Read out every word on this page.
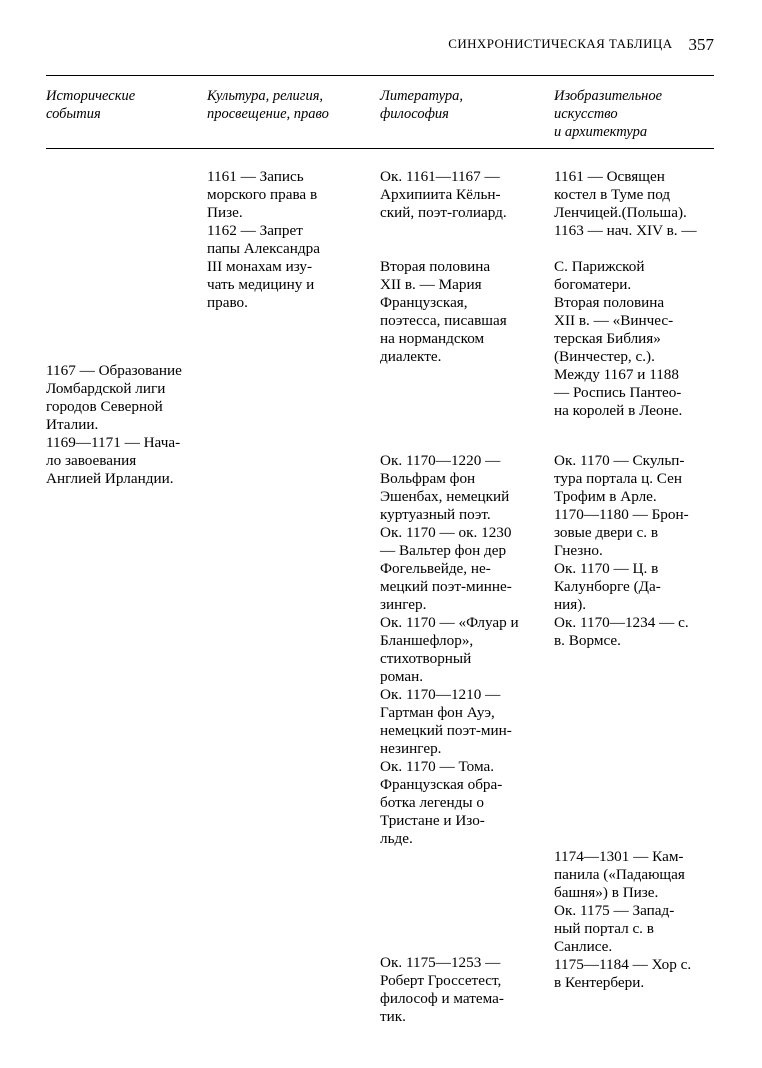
СИНХРОНИСТИЧЕСКАЯ ТАБЛИЦА 357
Исторические
события
Культура, религия,
просвещение, право
Литература,
философия
Изобразительное
искусство
и архитектура
1167 — Образование
Ломбардской лиги
городов Северной
Италии.
1169—1171 — Нача-
ло завоевания
Англией Ирландии.
1161 — Запись
морского права в
Пизе.
1162 — Запрет
папы Александра
III монахам изу-
чать медицину и
право.
Ок. 1161—1167 —
Архипиита Кёльн-
ский, поэт-голиард.
Вторая половина
XII в. — Мария
Французская,
поэтесса, писавшая
на нормандском
диалекте.
Ок. 1170—1220 —
Вольфрам фон
Эшенбах, немецкий
куртуазный поэт.
Ок. 1170 — ок. 1230
— Вальтер фон дер
Фогельвейде, не-
мецкий поэт-минне-
зингер.
Ок. 1170 — «Флуар и
Бланшефлор»,
стихотворный
роман.
Ок. 1170—1210 —
Гартман фон Ауэ,
немецкий поэт-мин-
незингер.
Ок. 1170 — Тома.
Французская обра-
ботка легенды о
Тристане и Изо-
льде.
Ок. 1175—1253 —
Роберт Гроссетест,
философ и матема-
тик.
1161 — Освящен
костел в Туме под
Ленчицей.(Польша).
1163 — нач. XIV в. —
С. Парижской
богоматери.
Вторая половина
XII в. — «Винчес-
терская Библия»
(Винчестер, с.).
Между 1167 и 1188
— Роспись Пантео-
на королей в Леоне.
Ок. 1170 — Скульп-
тура портала ц. Сен
Трофим в Арле.
1170—1180 — Брон-
зовые двери с. в
Гнезно.
Ок. 1170 — Ц. в
Калунборге (Да-
ния).
Ок. 1170—1234 — с.
в. Вормсе.
1174—1301 — Кам-
панила («Падающая
башня») в Пизе.
Ок. 1175 — Запад-
ный портал с. в
Санлисе.
1175—1184 — Хор с.
в Кентербери.
